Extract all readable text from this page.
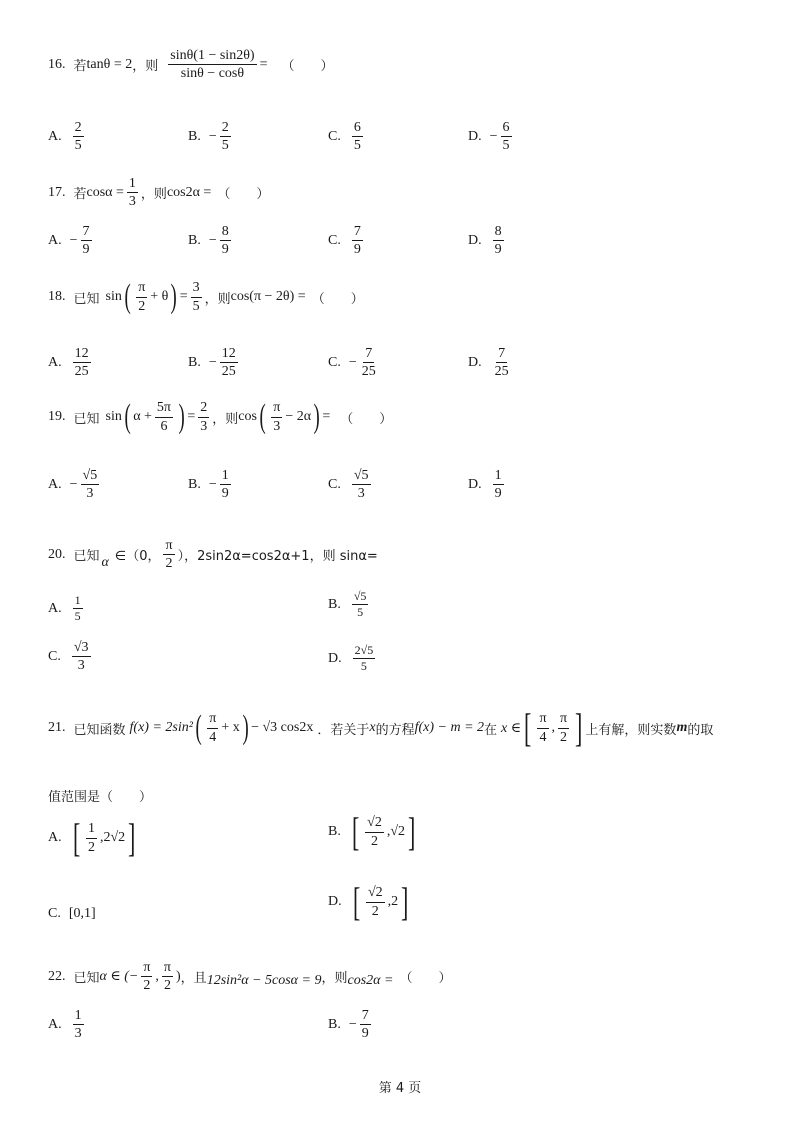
16. 若 tanθ = 2 ，则 $\frac{\sin\theta(1 - \sin 2\theta)}{\sin\theta - \cos\theta}$ = （　　）
A. $\frac{2}{5}$	B. − $\frac{2}{5}$	C. $\frac{6}{5}$	D. − $\frac{6}{5}$
17. 若 $\cos\alpha = \frac{1}{3}$ ，则 cos2α = （　　）
A. − $\frac{7}{9}$	B. − $\frac{8}{9}$	C. $\frac{7}{9}$	D. $\frac{8}{9}$
18. 已知 sin ( $\frac{\pi}{2} + \theta$ ) = $\frac{3}{5}$ ，则 cos(π − 2θ) = （　　）
A. $\frac{12}{25}$	B. − $\frac{12}{25}$	C. − $\frac{7}{25}$	D. $\frac{7}{25}$
19. 已知 sin ( $\alpha + \frac{5\pi}{6}$ ) = $\frac{2}{3}$ ，则 cos ( $\frac{\pi}{3} - 2\alpha$ ) = （　　）
A. − $\frac{√5}{3}$	B. − $\frac{1}{9}$	C. $\frac{√5}{3}$	D. $\frac{1}{9}$
20. 已知 α ∈（0， $\frac{\pi}{2}$ ），2sin2α=cos2α+1，则 sinα=
A. $\frac{1}{5}$	B. $\frac{√5}{5}$
C. $\frac{√3}{3}$	D. $\frac{2√5}{5}$
21. 已知函数 f(x) = 2sin² ( $\frac{\pi}{4} + x$ ) − √3 cos2x ．若关于 x 的方程 f(x) − m = 2 在 x ∈ [ $\frac{\pi}{4}$ , $\frac{\pi}{2}$ ] 上有解，则实数 m 的取
值范围是（　　）
A. [ $\frac{1}{2}$ , 2√2 ]	B. [ $\frac{√2}{2}$ , √2 ]
C. [0,1]
D. [ $\frac{√2}{2}$ , 2 ]
22. 已知 α ∈ (− $\frac{\pi}{2}$ , $\frac{\pi}{2}$ ) ，且 12sin²α − 5cosα = 9 ，则 cos2α = （　　）
A. $\frac{1}{3}$	B. − $\frac{7}{9}$
第 4 页
